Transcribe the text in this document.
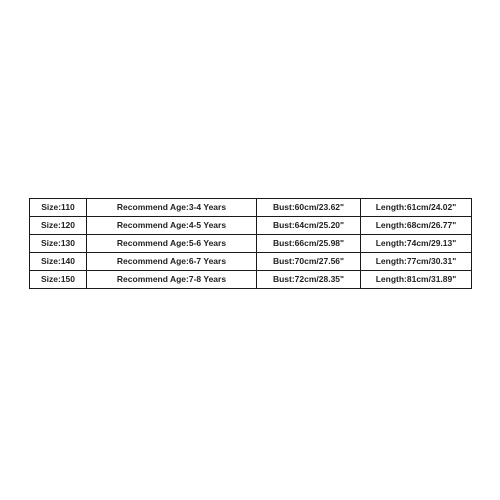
Size:110	Recommend Age:3-4 Years	Bust:60cm/23.62"	Length:61cm/24.02"
Size:120	Recommend Age:4-5 Years	Bust:64cm/25.20"	Length:68cm/26.77"
Size:130	Recommend Age:5-6 Years	Bust:66cm/25.98"	Length:74cm/29.13"
Size:140	Recommend Age:6-7 Years	Bust:70cm/27.56"	Length:77cm/30.31"
Size:150	Recommend Age:7-8 Years	Bust:72cm/28.35"	Length:81cm/31.89"
